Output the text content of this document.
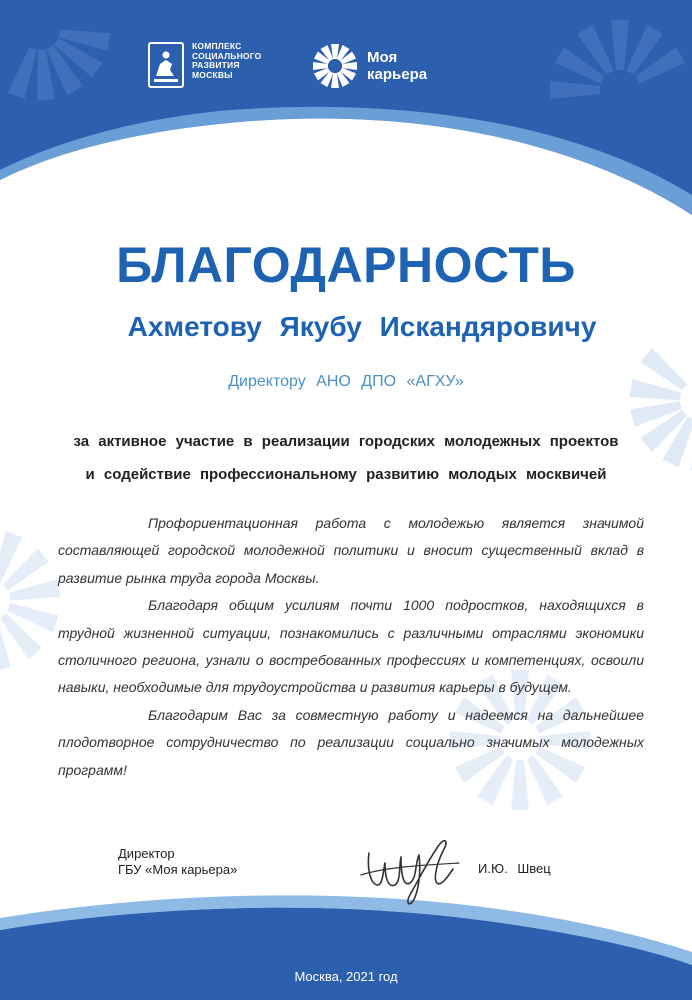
КОМПЛЕКС
СОЦИАЛЬНОГО
РАЗВИТИЯ
МОСКВЫ
Моя
карьера
БЛАГОДАРНОСТЬ
Ахметову Якубу Искандяровичу
Директору АНО ДПО «АГХУ»
за активное участие в реализации городских молодежных проектов
и содействие профессиональному развитию молодых москвичей

Профориентационная работа с молодежью является значимой составляющей городской молодежной политики и вносит существенный вклад в развитие рынка труда города Москвы.

Благодаря общим усилиям почти 1000 подростков, находящихся в трудной жизненной ситуации, познакомились с различными отраслями экономики столичного региона, узнали о востребованных профессиях и компетенциях, освоили навыки, необходимые для трудоустройства и развития карьеры в будущем.

Благодарим Вас за совместную работу и надеемся на дальнейшее плодотворное сотрудничество по реализации социально значимых молодежных программ!

Директор
ГБУ «Моя карьера»	И.Ю. Швец
Москва, 2021 год
